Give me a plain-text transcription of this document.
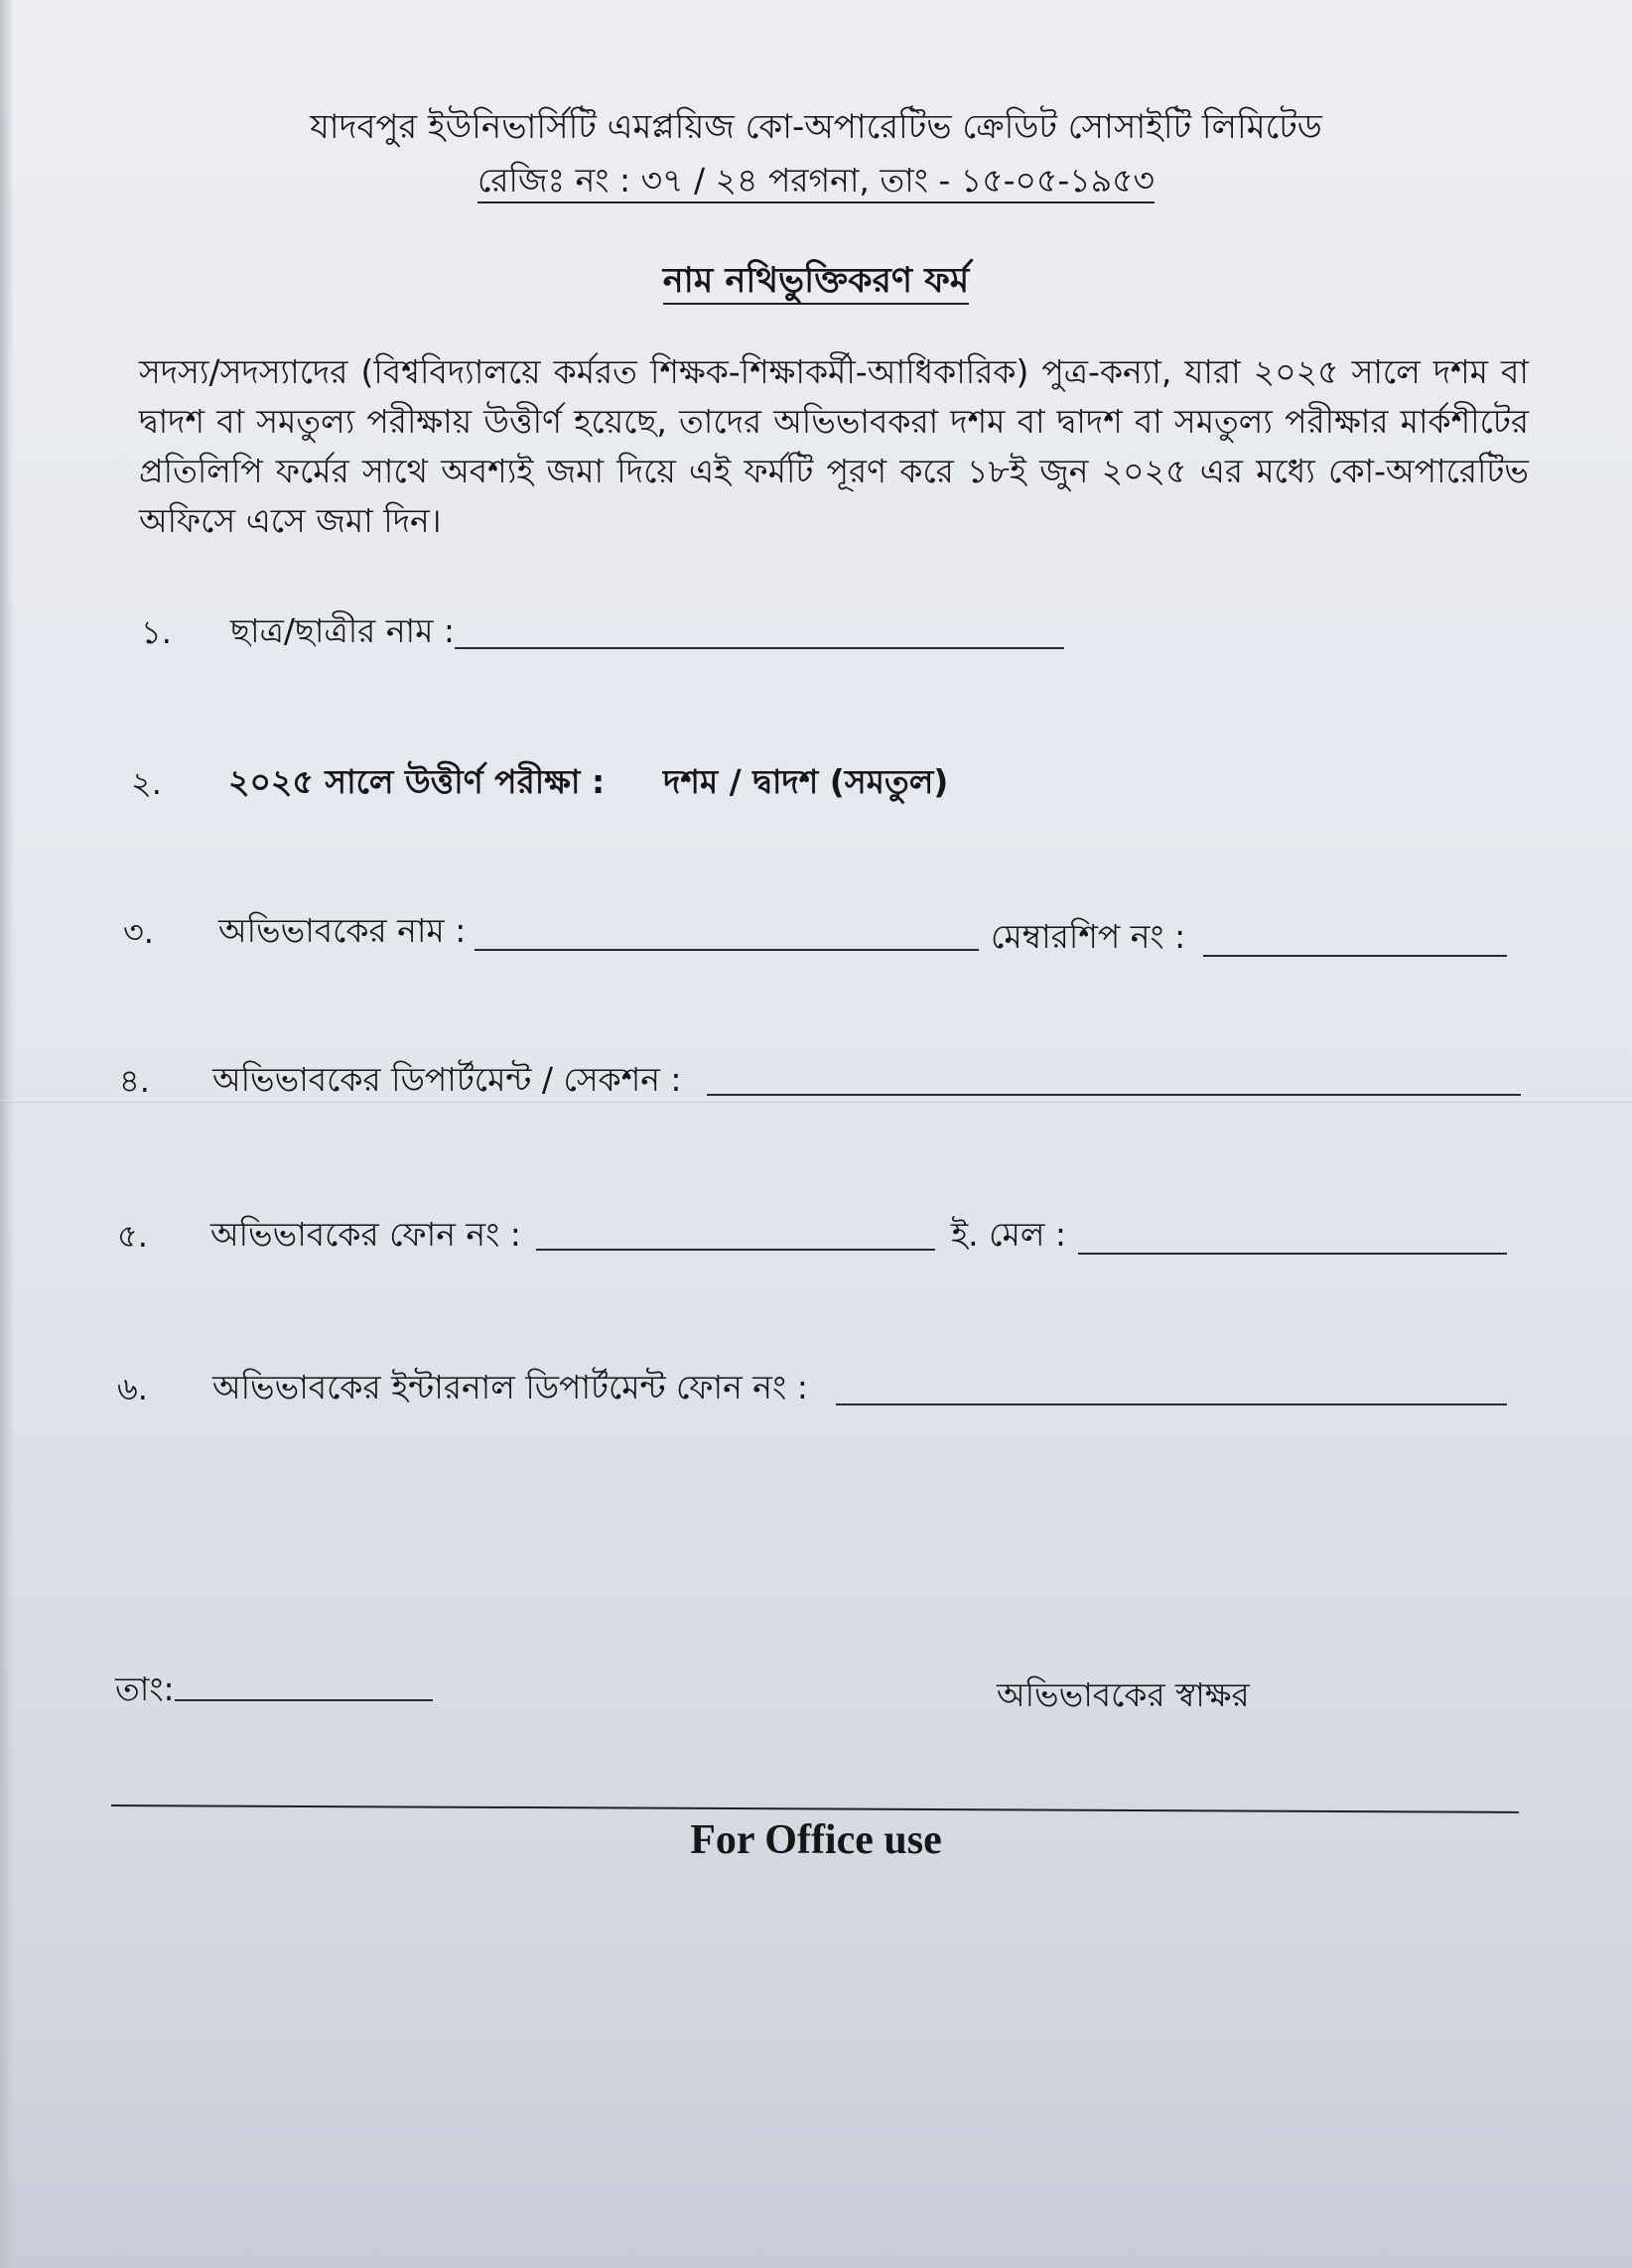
যাদবপুর ইউনিভার্সিটি এমপ্লয়িজ কো-অপারেটিভ ক্রেডিট সোসাইটি লিমিটেড
রেজিঃ নং : ৩৭ / ২৪ পরগনা, তাং - ১৫-০৫-১৯৫৩
নাম নথিভুক্তিকরণ ফর্ম
সদস্য/সদস্যাদের (বিশ্ববিদ্যালয়ে কর্মরত শিক্ষক-শিক্ষাকর্মী-আধিকারিক) পুত্র-কন্যা, যারা ২০২৫ সালে দশম বা দ্বাদশ বা সমতুল্য পরীক্ষায় উত্তীর্ণ হয়েছে, তাদের অভিভাবকরা দশম বা দ্বাদশ বা সমতুল্য পরীক্ষার মার্কশীটের প্রতিলিপি ফর্মের সাথে অবশ্যই জমা দিয়ে এই ফর্মটি পূরণ করে ১৮ই জুন ২০২৫ এর মধ্যে কো-অপারেটিভ অফিসে এসে জমা দিন।
১. ছাত্র/ছাত্রীর নাম :
২. ২০২৫ সালে উত্তীর্ণ পরীক্ষা : দশম / দ্বাদশ (সমতুল)
৩. অভিভাবকের নাম :	মেম্বারশিপ নং :
৪. অভিভাবকের ডিপার্টমেন্ট / সেকশন :
৫. অভিভাবকের ফোন নং :	ই. মেল :
৬. অভিভাবকের ইন্টারনাল ডিপার্টমেন্ট ফোন নং :
তাং:	অভিভাবকের স্বাক্ষর
For Office use
